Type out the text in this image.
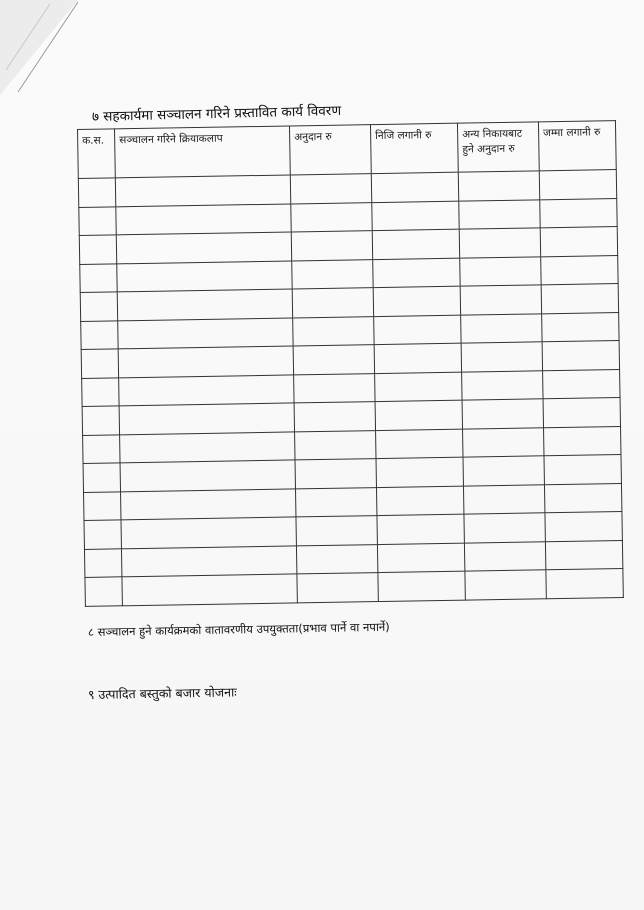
७ सहकार्यमा सञ्चालन गरिने प्रस्तावित कार्य विवरण
क.स.	सञ्चालन गरिने क्रियाकलाप	अनुदान रु	निजि लगानी रु	अन्य निकायबाट हुने अनुदान रु	जम्मा लगानी रु

८ सञ्चालन हुने कार्यक्रमको वातावरणीय उपयुक्तता(प्रभाव पार्ने वा नपार्ने)
९ उत्पादित बस्तुको बजार योजनाः
